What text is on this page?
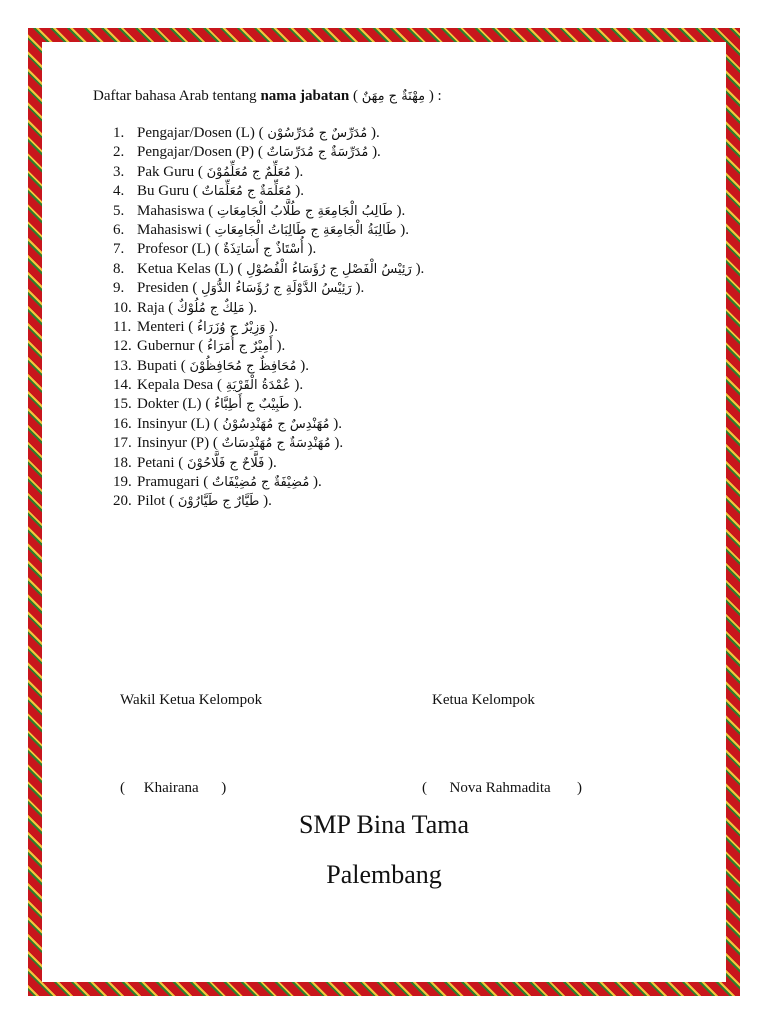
Daftar bahasa Arab tentang nama jabatan ( مِهْنَةٌ ج مِهَنٌ ) :
1. Pengajar/Dosen (L) ( مُدَرِّسٌ ج مُدَرِّسُوْن ).
2. Pengajar/Dosen (P) ( مُدَرِّسَةٌ ج مُدَرِّسَاتٌ ).
3. Pak Guru ( مُعَلِّمٌ ج مُعَلِّمُوْنَ ).
4. Bu Guru ( مُعَلِّمَةٌ ج مُعَلِّمَاتٌ ).
5. Mahasiswa ( طَالِبُ الْجَامِعَةِ ج طُلَّابُ الْجَامِعَاتِ ).
6. Mahasiswi ( طَالِبَةُ الْجَامِعَةِ ج طَالِبَاتُ الْجَامِعَاتِ ).
7. Profesor (L) ( أُسْتَاذٌ ج أَسَاتِذَةٌ ).
8. Ketua Kelas (L) ( رَئِيْسُ الْفَصْلِ ج رُؤَسَاءُ الْفُصُوْلِ ).
9. Presiden ( رَئِيْسُ الدَّوْلَةِ ج رُؤَسَاءُ الدُّوَلِ ).
10. Raja ( مَلِكٌ ج مُلُوْكٌ ).
11. Menteri ( وَزِيْرٌ ج وُزَرَاءُ ).
12. Gubernur ( أَمِيْرٌ ج أُمَرَاءُ ).
13. Bupati ( مُحَافِظٌ ج مُحَافِظُوْنَ ).
14. Kepala Desa ( عُمْدَةُ الْقَرْيَةِ ).
15. Dokter (L) ( طَبِيْبٌ ج أَطِبَّاءُ ).
16. Insinyur (L) ( مُهَنْدِسٌ ج مُهَنْدِسُوْنُ ).
17. Insinyur (P) ( مُهَنْدِسَةٌ ج مُهَنْدِسَاتٌ ).
18. Petani ( فَلَّاحٌ ج فَلَّاحُوْنَ ).
19. Pramugari ( مُضِيْفَةٌ ج مُضِيْفَاتٌ ).
20. Pilot ( طَيَّارٌ ج طَيَّارُوْنَ ).
Wakil Ketua Kelompok	Ketua Kelompok
(     Khairana      )	(      Nova Rahmadita       )
SMP Bina Tama
Palembang
